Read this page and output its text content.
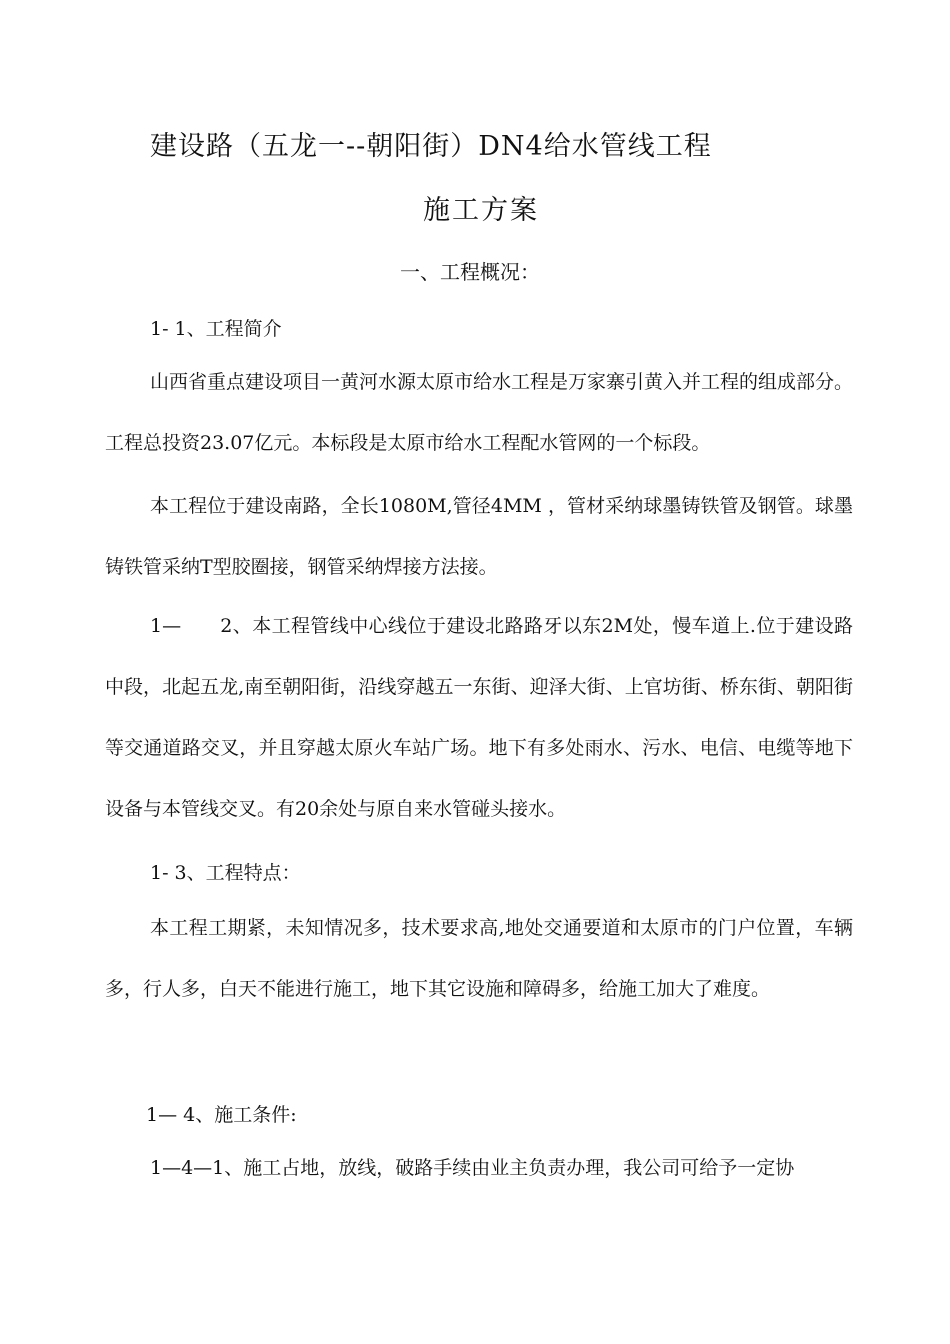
建设路（五龙一--朝阳街）DN4给水管线工程
施工方案
一、工程概况：
1- 1、工程简介
山西省重点建设项目一黄河水源太原市给水工程是万家寨引黄入并工程的组成部分。工程总投资23.07亿元。本标段是太原市给水工程配水管网的一个标段。
本工程位于建设南路，全长1080M,管径4MM ，管材采纳球墨铸铁管及钢管。球墨铸铁管采纳T型胶圈接，钢管采纳焊接方法接。
1—　　2、本工程管线中心线位于建设北路路牙以东2M处，慢车道上.位于建设路中段，北起五龙,南至朝阳街，沿线穿越五一东街、迎泽大街、上官坊街、桥东街、朝阳街等交通道路交叉，并且穿越太原火车站广场。地下有多处雨水、污水、电信、电缆等地下设备与本管线交叉。有20余处与原自来水管碰头接水。
1- 3、工程特点：
本工程工期紧，未知情况多，技术要求高,地处交通要道和太原市的门户位置，车辆多，行人多，白天不能进行施工，地下其它设施和障碍多，给施工加大了难度。
1— 4、施工条件:
1—4—1、施工占地，放线，破路手续由业主负责办理，我公司可给予一定协
